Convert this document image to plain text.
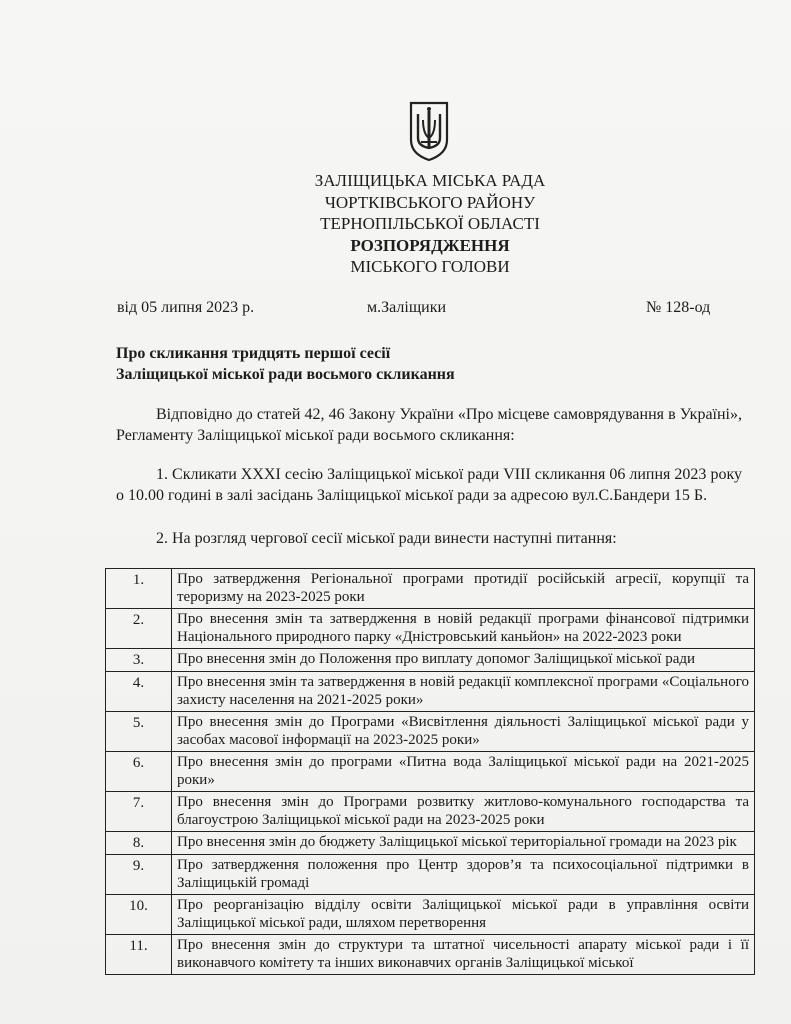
ЗАЛІЩИЦЬКА МІСЬКА РАДА
ЧОРТКІВСЬКОГО РАЙОНУ
ТЕРНОПІЛЬСЬКОЇ ОБЛАСТІ
РОЗПОРЯДЖЕННЯ
МІСЬКОГО ГОЛОВИ
від 05 липня 2023 р.	м.Заліщики	№ 128-од
Про скликання тридцять першої сесії
Заліщицької міської ради восьмого скликання
Відповідно до статей 42, 46 Закону України «Про місцеве самоврядування в Україні», Регламенту Заліщицької міської ради восьмого скликання:
1. Скликати XXXI сесію Заліщицької міської ради VIII скликання 06 липня 2023 року о 10.00 годині в залі засідань Заліщицької міської ради за адресою вул.С.Бандери 15 Б.
2. На розгляд чергової сесії міської ради винести наступні питання:
1.	Про затвердження Регіональної програми протидії російській агресії, корупції та тероризму на 2023-2025 роки
2.	Про внесення змін та затвердження в новій редакції програми фінансової підтримки Національного природного парку «Дністровський каньйон» на 2022-2023 роки
3.	Про внесення змін до Положення про виплату допомог Заліщицької міської ради
4.	Про внесення змін та затвердження в новій редакції комплексної програми «Соціального захисту населення на 2021-2025 роки»
5.	Про внесення змін до Програми «Висвітлення діяльності Заліщицької міської ради у засобах масової інформації на 2023-2025 роки»
6.	Про внесення змін до програми «Питна вода Заліщицької міської ради на 2021-2025 роки»
7.	Про внесення змін до Програми розвитку житлово-комунального господарства та благоустрою Заліщицької міської ради на 2023-2025 роки
8.	Про внесення змін до бюджету Заліщицької міської територіальної громади на 2023 рік
9.	Про затвердження положення про Центр здоров’я та психосоціальної підтримки в Заліщицькій громаді
10.	Про реорганізацію відділу освіти Заліщицької міської ради в управління освіти Заліщицької міської ради, шляхом перетворення
11.	Про внесення змін до структури та штатної чисельності апарату міської ради і її виконавчого комітету та інших виконавчих органів Заліщицької міської
